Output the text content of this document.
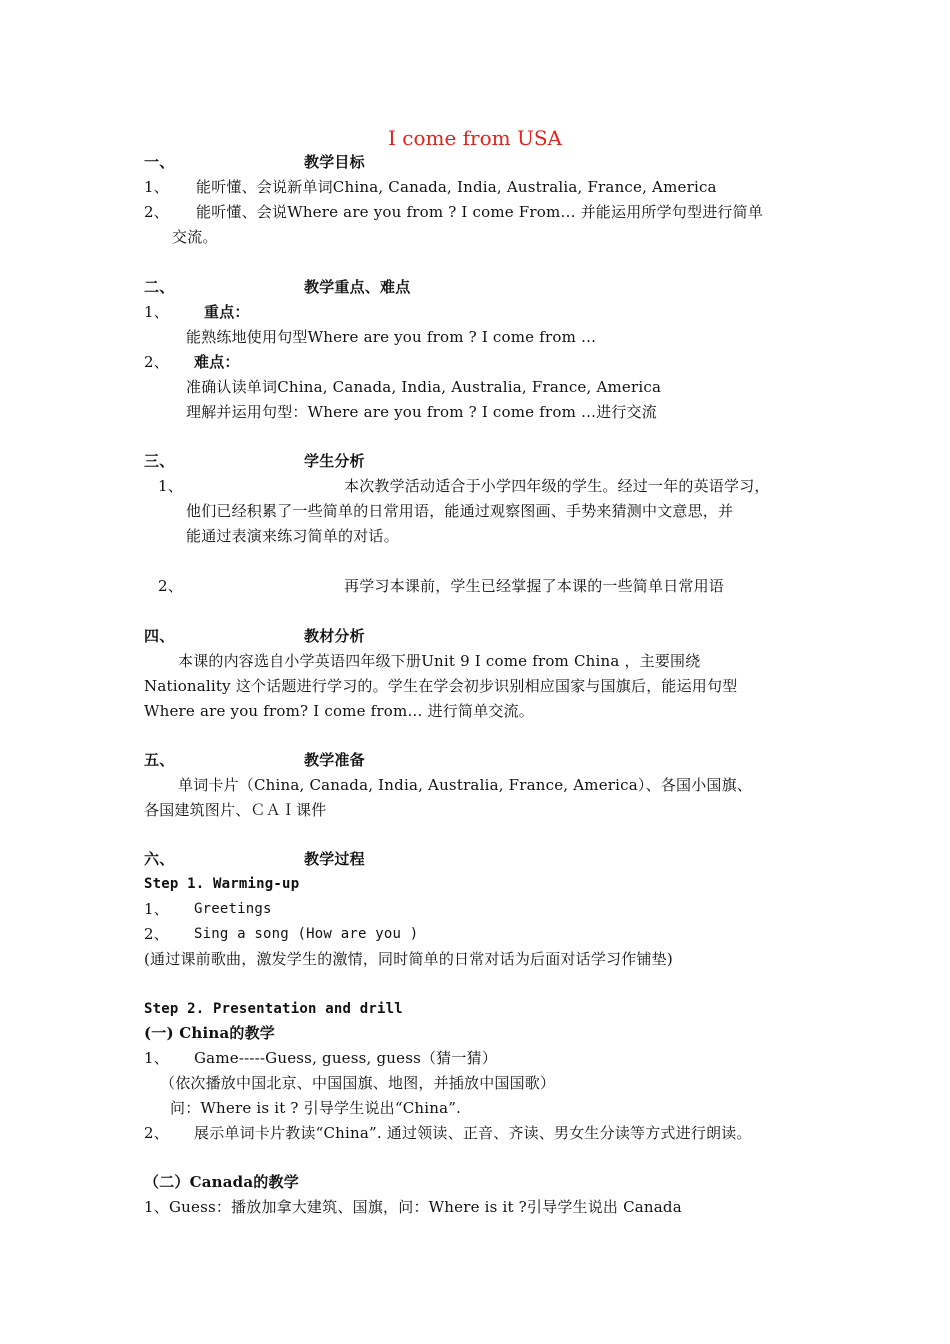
I come from USA
一、	教学目标
1、 能听懂、会说新单词China, Canada, India, Australia, France, America
2、 能听懂、会说Where are you from ? I come From… 并能运用所学句型进行简单
交流。
二、	教学重点、难点
1、 重点：
能熟练地使用句型Where are you from ? I come from …
2、 难点：
准确认读单词China, Canada, India, Australia, France, America
理解并运用句型：Where are you from ? I come from …进行交流
三、	学生分析
1、	本次教学活动适合于小学四年级的学生。经过一年的英语学习，
他们已经积累了一些简单的日常用语，能通过观察图画、手势来猜测中文意思，并
能通过表演来练习简单的对话。
2、	再学习本课前，学生已经掌握了本课的一些简单日常用语
四、	教材分析
本课的内容选自小学英语四年级下册Unit 9 I come from China ，主要围绕
Nationality 这个话题进行学习的。学生在学会初步识别相应国家与国旗后，能运用句型
Where are you from? I come from… 进行简单交流。
五、	教学准备
单词卡片（China, Canada, India, Australia, France, America）、各国小国旗、
各国建筑图片、ＣＡＩ课件
六、	教学过程
Step 1. Warming-up
1、 Greetings
2、 Sing a song (How are you )
(通过课前歌曲，激发学生的激情，同时简单的日常对话为后面对话学习作铺垫)
Step 2. Presentation and drill
(一) China的教学
1、 Game-----Guess, guess, guess（猜一猜）
（依次播放中国北京、中国国旗、地图，并插放中国国歌）
问：Where is it ? 引导学生说出“China”.
2、 展示单词卡片教读“China”. 通过领读、正音、齐读、男女生分读等方式进行朗读。
（二）Canada的教学
1、Guess：播放加拿大建筑、国旗，问：Where is it ?引导学生说出 Canada
